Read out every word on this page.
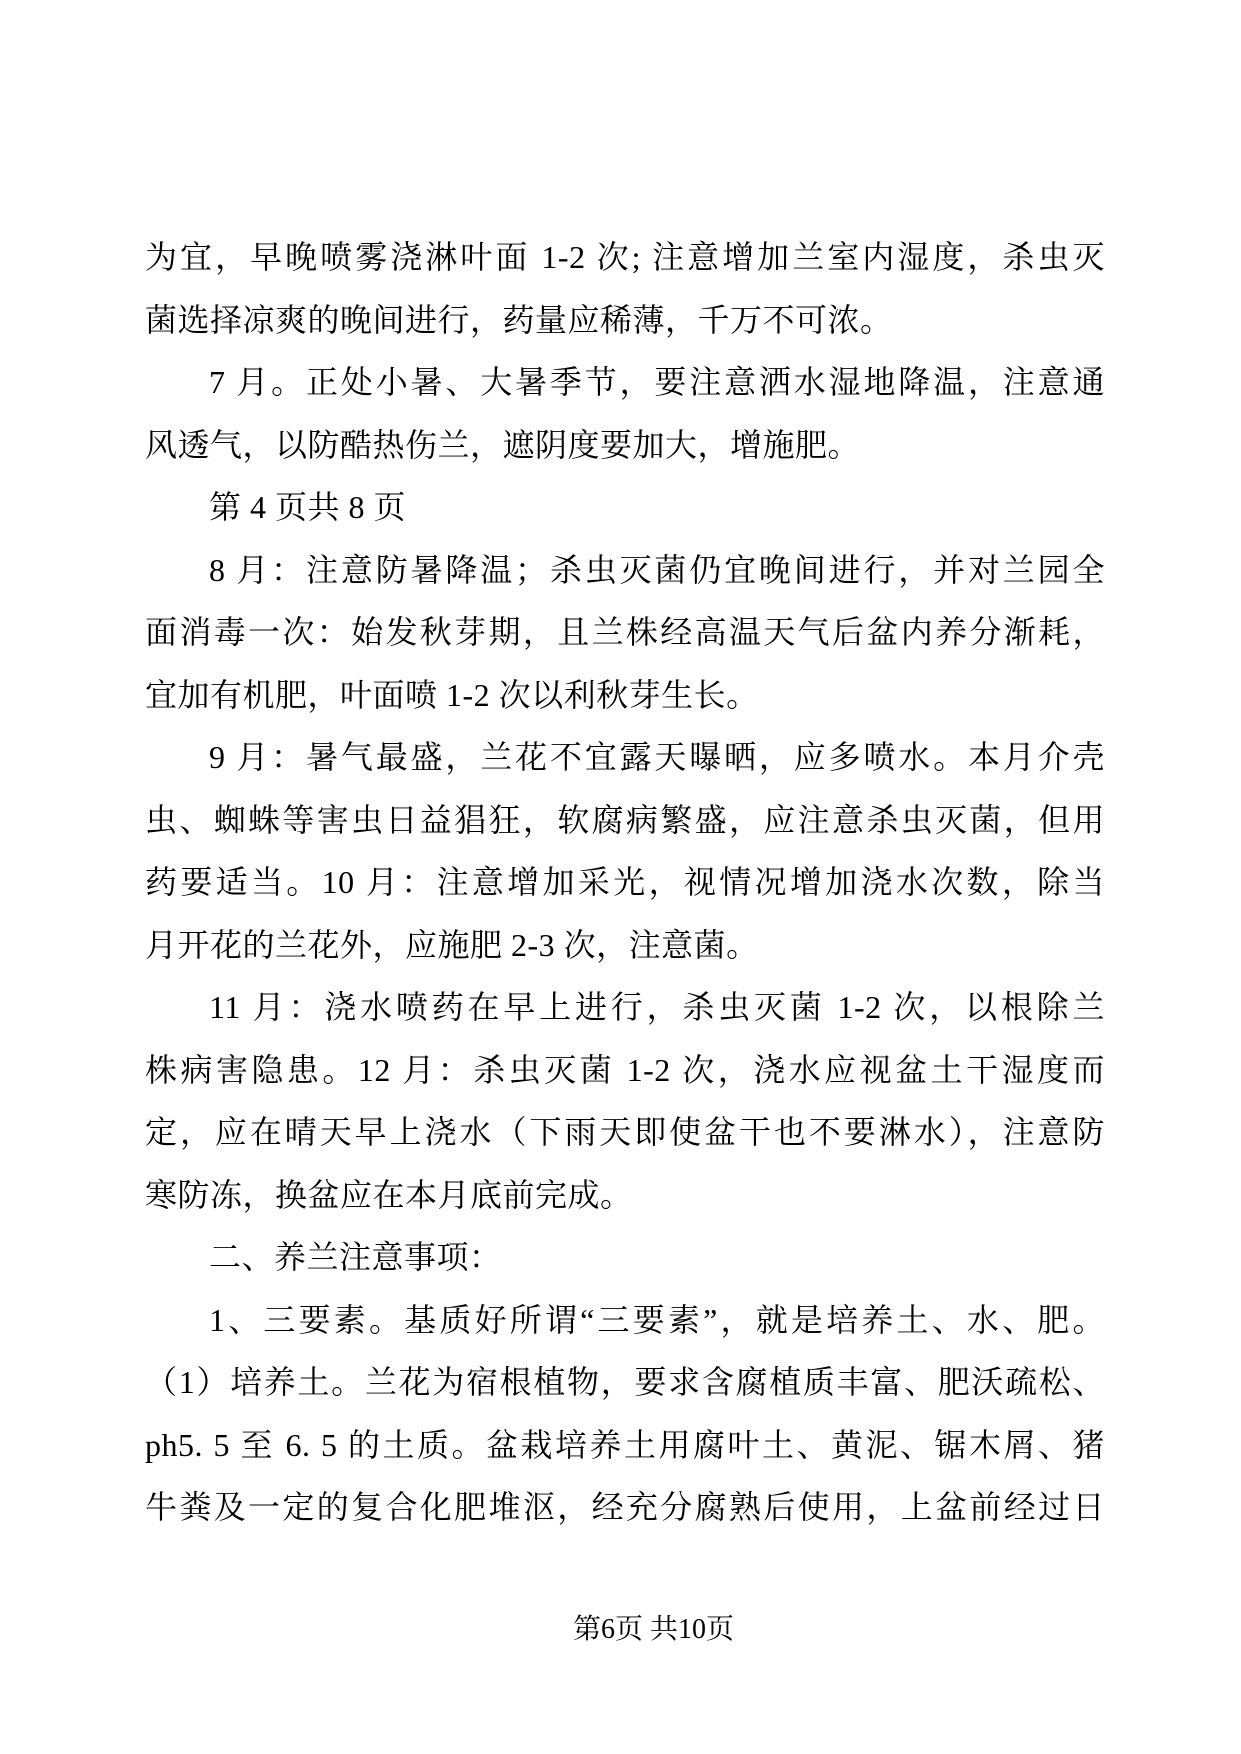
为宜，早晚喷雾浇淋叶面 1-2 次; 注意增加兰室内湿度，杀虫灭
菌选择凉爽的晚间进行，药量应稀薄，千万不可浓。
7 月。正处小暑、大暑季节，要注意洒水湿地降温，注意通
风透气，以防酷热伤兰，遮阴度要加大，增施肥。
第 4 页共 8 页
8 月：注意防暑降温；杀虫灭菌仍宜晚间进行，并对兰园全
面消毒一次：始发秋芽期，且兰株经高温天气后盆内养分渐耗，
宜加有机肥，叶面喷 1-2 次以利秋芽生长。
9 月：暑气最盛，兰花不宜露天曝晒，应多喷水。本月介壳
虫、蜘蛛等害虫日益猖狂，软腐病繁盛，应注意杀虫灭菌，但用
药要适当。10 月：注意增加采光，视情况增加浇水次数，除当
月开花的兰花外，应施肥 2-3 次，注意菌。
11 月：浇水喷药在早上进行，杀虫灭菌 1-2 次，以根除兰
株病害隐患。12 月：杀虫灭菌 1-2 次，浇水应视盆土干湿度而
定，应在晴天早上浇水（下雨天即使盆干也不要淋水），注意防
寒防冻，换盆应在本月底前完成。
二、养兰注意事项：
1、三要素。基质好所谓“三要素”，就是培养土、水、肥。
（1）培养土。兰花为宿根植物，要求含腐植质丰富、肥沃疏松、
ph5. 5 至 6. 5 的土质。盆栽培养土用腐叶土、黄泥、锯木屑、猪
牛粪及一定的复合化肥堆沤，经充分腐熟后使用，上盆前经过日
第6页 共10页
